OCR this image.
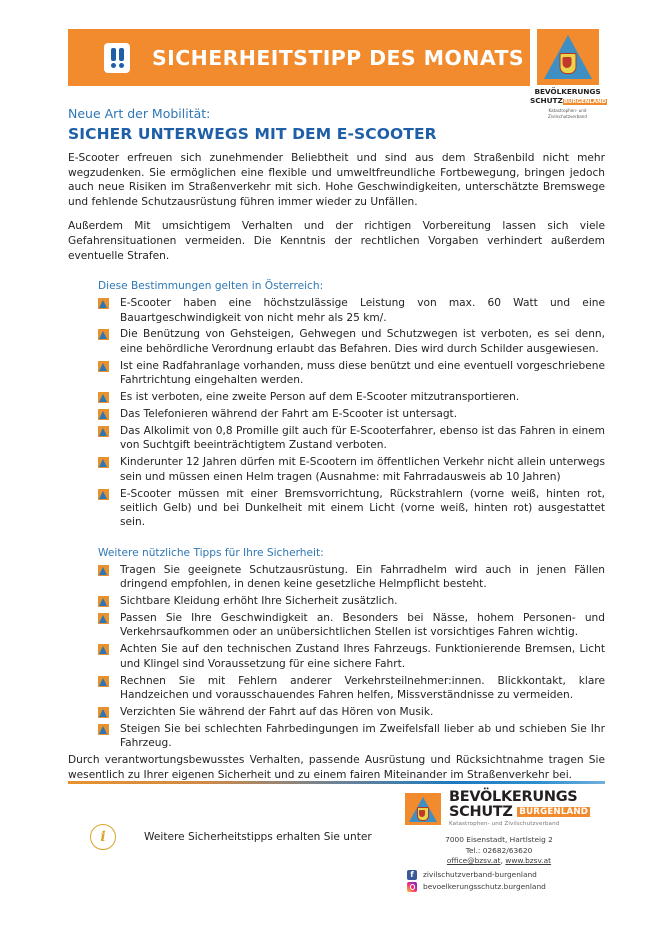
SICHERHEITSTIPP DES MONATS
BEVÖLKERUNGS
SCHUTZBURGENLAND
Katastrophen- und Zivilschutzverband
Neue Art der Mobilität:
SICHER UNTERWEGS MIT DEM E-SCOOTER

E-Scooter erfreuen sich zunehmender Beliebtheit und sind aus dem Straßenbild nicht mehr wegzudenken. Sie ermöglichen eine flexible und umweltfreundliche Fortbewegung, bringen jedoch auch neue Risiken im Straßenverkehr mit sich. Hohe Geschwindigkeiten, unterschätzte Bremswege und fehlende Schutzausrüstung führen immer wieder zu Unfällen.

Außerdem Mit umsichtigem Verhalten und der richtigen Vorbereitung lassen sich viele Gefahrensituationen vermeiden. Die Kenntnis der rechtlichen Vorgaben verhindert außerdem eventuelle Strafen.

Diese Bestimmungen gelten in Österreich:
E-Scooter haben eine höchstzulässige Leistung von max. 60 Watt und eine Bauartgeschwindigkeit von nicht mehr als 25 km/.
Die Benützung von Gehsteigen, Gehwegen und Schutzwegen ist verboten, es sei denn, eine behördliche Verordnung erlaubt das Befahren. Dies wird durch Schilder ausgewiesen.
Ist eine Radfahranlage vorhanden, muss diese benützt und eine eventuell vorgeschriebene Fahrtrichtung eingehalten werden.
Es ist verboten, eine zweite Person auf dem E-Scooter mitzutransportieren.
Das Telefonieren während der Fahrt am E-Scooter ist untersagt.
Das Alkolimit von 0,8 Promille gilt auch für E-Scooterfahrer, ebenso ist das Fahren in einem von Suchtgift beeinträchtigtem Zustand verboten.
Kinderunter 12 Jahren dürfen mit E-Scootern im öffentlichen Verkehr nicht allein unterwegs sein und müssen einen Helm tragen (Ausnahme: mit Fahrradausweis ab 10 Jahren)
E-Scooter müssen mit einer Bremsvorrichtung, Rückstrahlern (vorne weiß, hinten rot, seitlich Gelb) und bei Dunkelheit mit einem Licht (vorne weiß, hinten rot) ausgestattet sein.
Weitere nützliche Tipps für Ihre Sicherheit:
Tragen Sie geeignete Schutzausrüstung. Ein Fahrradhelm wird auch in jenen Fällen dringend empfohlen, in denen keine gesetzliche Helmpflicht besteht.
Sichtbare Kleidung erhöht Ihre Sicherheit zusätzlich.
Passen Sie Ihre Geschwindigkeit an. Besonders bei Nässe, hohem Personen- und Verkehrsaufkommen oder an unübersichtlichen Stellen ist vorsichtiges Fahren wichtig.
Achten Sie auf den technischen Zustand Ihres Fahrzeugs. Funktionierende Bremsen, Licht und Klingel sind Voraussetzung für eine sichere Fahrt.
Rechnen Sie mit Fehlern anderer Verkehrsteilnehmer:innen. Blickkontakt, klare Handzeichen und vorausschauendes Fahren helfen, Missverständnisse zu vermeiden.
Verzichten Sie während der Fahrt auf das Hören von Musik.
Steigen Sie bei schlechten Fahrbedingungen im Zweifelsfall lieber ab und schieben Sie Ihr Fahrzeug.

Durch verantwortungsbewusstes Verhalten, passende Ausrüstung und Rücksichtnahme tragen Sie wesentlich zu Ihrer eigenen Sicherheit und zu einem fairen Miteinander im Straßenverkehr bei.

i	Weitere Sicherheitstipps erhalten Sie unter
BEVÖLKERUNGS
SCHUTZ BURGENLAND
Katastrophen- und Zivilschutzverband
7000 Eisenstadt, Hartlsteig 2
Tel.: 02682/63620
office@bzsv.at, www.bzsv.at
f	zivilschutzverband-burgenland
bevoelkerungsschutz.burgenland
